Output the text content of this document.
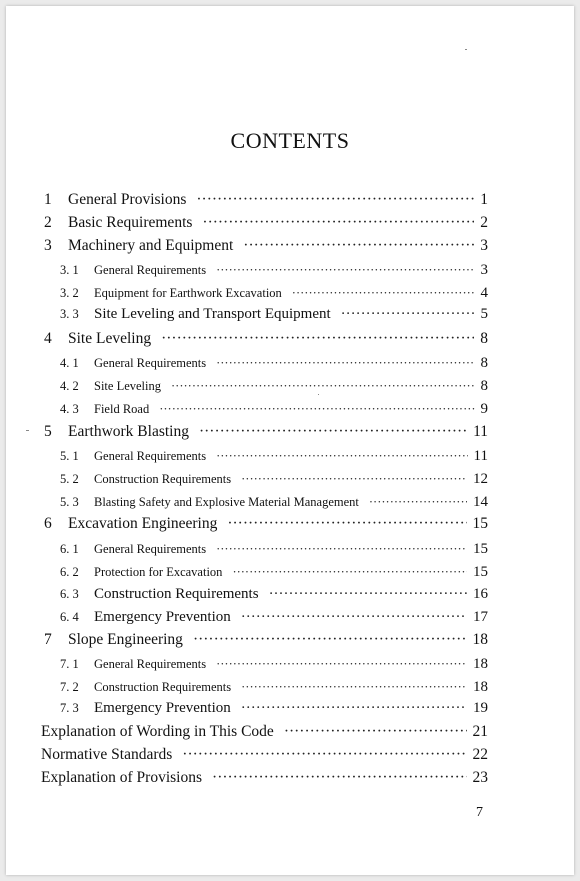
CONTENTS
1	General Provisions ·····	1
2	Basic Requirements ·····	2
3	Machinery and Equipment ·····	3
3. 1	General Requirements ·····	3
3. 2	Equipment for Earthwork Excavation ·····	4
3. 3	Site Leveling and Transport Equipment ·····	5
4	Site Leveling ·····	8
4. 1	General Requirements ·····	8
4. 2	Site Leveling ·····	8
4. 3	Field Road ·····	9
5	Earthwork Blasting ·····	11
5. 1	General Requirements ·····	11
5. 2	Construction Requirements ·····	12
5. 3	Blasting Safety and Explosive Material Management ·····	14
6	Excavation Engineering ·····	15
6. 1	General Requirements ·····	15
6. 2	Protection for Excavation ·····	15
6. 3	Construction Requirements ·····	16
6. 4	Emergency Prevention ·····	17
7	Slope Engineering ·····	18
7. 1	General Requirements ·····	18
7. 2	Construction Requirements ·····	18
7. 3	Emergency Prevention ·····	19
Explanation of Wording in This Code ·····	21
Normative Standards ·····	22
Explanation of Provisions ·····	23
7
